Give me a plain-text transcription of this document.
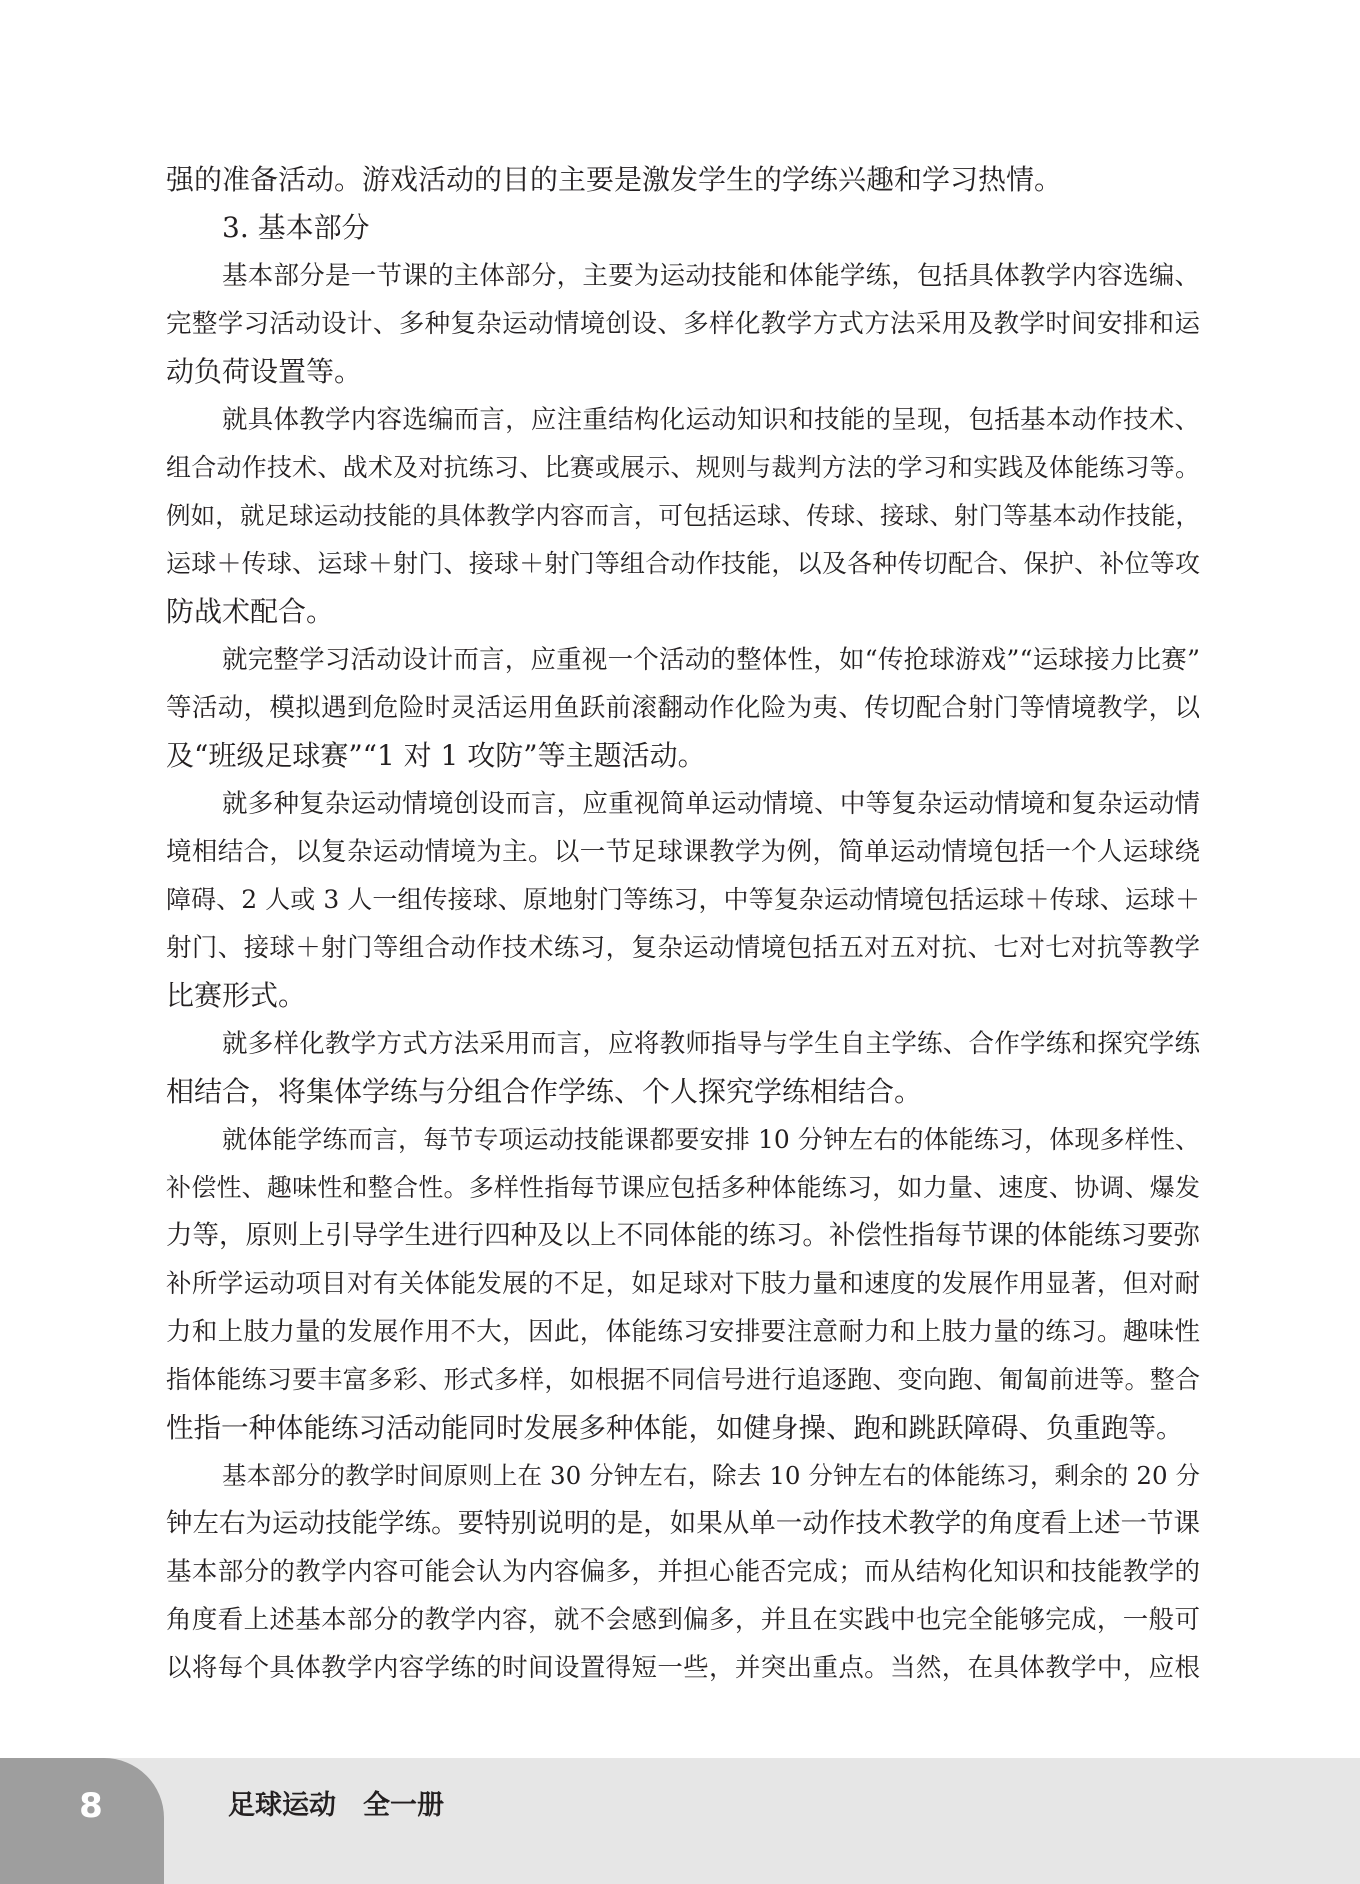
强的准备活动。游戏活动的目的主要是激发学生的学练兴趣和学习热情。
3. 基本部分
基本部分是一节课的主体部分，主要为运动技能和体能学练，包括具体教学内容选编、
完整学习活动设计、多种复杂运动情境创设、多样化教学方式方法采用及教学时间安排和运
动负荷设置等。
就具体教学内容选编而言，应注重结构化运动知识和技能的呈现，包括基本动作技术、
组合动作技术、战术及对抗练习、比赛或展示、规则与裁判方法的学习和实践及体能练习等。
例如，就足球运动技能的具体教学内容而言，可包括运球、传球、接球、射门等基本动作技能，
运球＋传球、运球＋射门、接球＋射门等组合动作技能，以及各种传切配合、保护、补位等攻
防战术配合。
就完整学习活动设计而言，应重视一个活动的整体性，如“传抢球游戏”“运球接力比赛”
等活动，模拟遇到危险时灵活运用鱼跃前滚翻动作化险为夷、传切配合射门等情境教学，以
及“班级足球赛”“1 对 1 攻防”等主题活动。
就多种复杂运动情境创设而言，应重视简单运动情境、中等复杂运动情境和复杂运动情
境相结合，以复杂运动情境为主。以一节足球课教学为例，简单运动情境包括一个人运球绕
障碍、2 人或 3 人一组传接球、原地射门等练习，中等复杂运动情境包括运球＋传球、运球＋
射门、接球＋射门等组合动作技术练习，复杂运动情境包括五对五对抗、七对七对抗等教学
比赛形式。
就多样化教学方式方法采用而言，应将教师指导与学生自主学练、合作学练和探究学练
相结合，将集体学练与分组合作学练、个人探究学练相结合。
就体能学练而言，每节专项运动技能课都要安排 10 分钟左右的体能练习，体现多样性、
补偿性、趣味性和整合性。多样性指每节课应包括多种体能练习，如力量、速度、协调、爆发
力等，原则上引导学生进行四种及以上不同体能的练习。补偿性指每节课的体能练习要弥
补所学运动项目对有关体能发展的不足，如足球对下肢力量和速度的发展作用显著，但对耐
力和上肢力量的发展作用不大，因此，体能练习安排要注意耐力和上肢力量的练习。趣味性
指体能练习要丰富多彩、形式多样，如根据不同信号进行追逐跑、变向跑、匍匐前进等。整合
性指一种体能练习活动能同时发展多种体能，如健身操、跑和跳跃障碍、负重跑等。
基本部分的教学时间原则上在 30 分钟左右，除去 10 分钟左右的体能练习，剩余的 20 分
钟左右为运动技能学练。要特别说明的是，如果从单一动作技术教学的角度看上述一节课
基本部分的教学内容可能会认为内容偏多，并担心能否完成；而从结构化知识和技能教学的
角度看上述基本部分的教学内容，就不会感到偏多，并且在实践中也完全能够完成，一般可
以将每个具体教学内容学练的时间设置得短一些，并突出重点。当然，在具体教学中，应根
8	足球运动　全一册
